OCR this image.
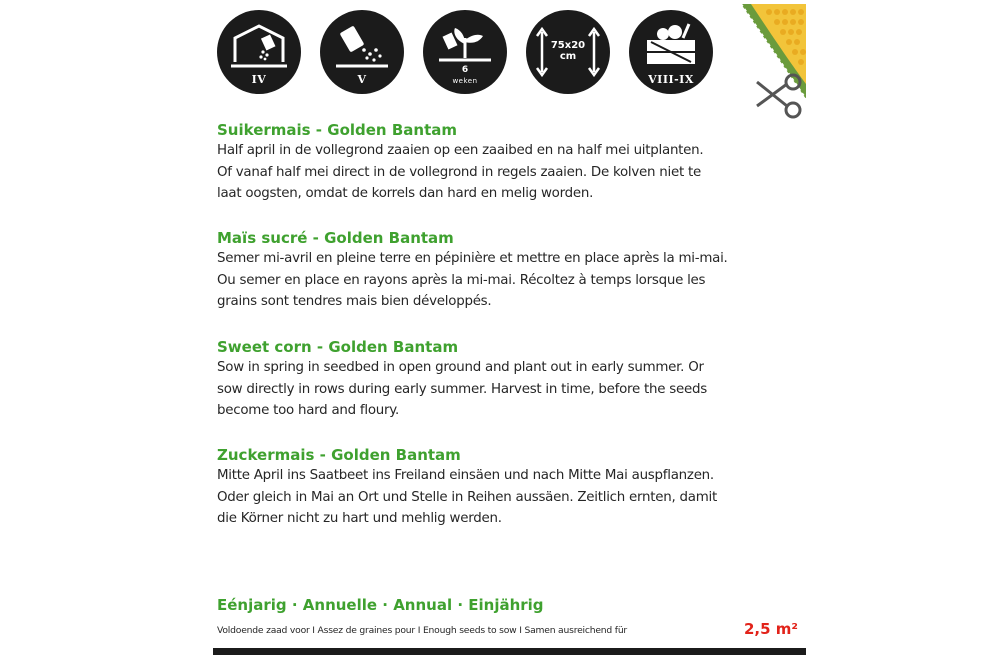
IV	V
6
weken
75x20
cm
VIII-IX
Suikermais - Golden Bantam

Half april in de vollegrond zaaien op een zaaibed en na half mei uitplanten.

Of vanaf half mei direct in de vollegrond in regels zaaien. De kolven niet te

laat oogsten, omdat de korrels dan hard en melig worden.

Maïs sucré - Golden Bantam

Semer mi-avril en pleine terre en pépinière et mettre en place après la mi-mai.

Ou semer en place en rayons après la mi-mai. Récoltez à temps lorsque les

grains sont tendres mais bien développés.

Sweet corn - Golden Bantam

Sow in spring in seedbed in open ground and plant out in early summer. Or

sow directly in rows during early summer. Harvest in time, before the seeds

become too hard and floury.

Zuckermais - Golden Bantam

Mitte April ins Saatbeet ins Freiland einsäen und nach Mitte Mai auspflanzen.

Oder gleich in Mai an Ort und Stelle in Reihen aussäen. Zeitlich ernten, damit

die Körner nicht zu hart und mehlig werden.

Eénjarig · Annuelle · Annual · Einjährig
Voldoende zaad voor I Assez de graines pour I Enough seeds to sow I Samen ausreichend für	2,5 m²
